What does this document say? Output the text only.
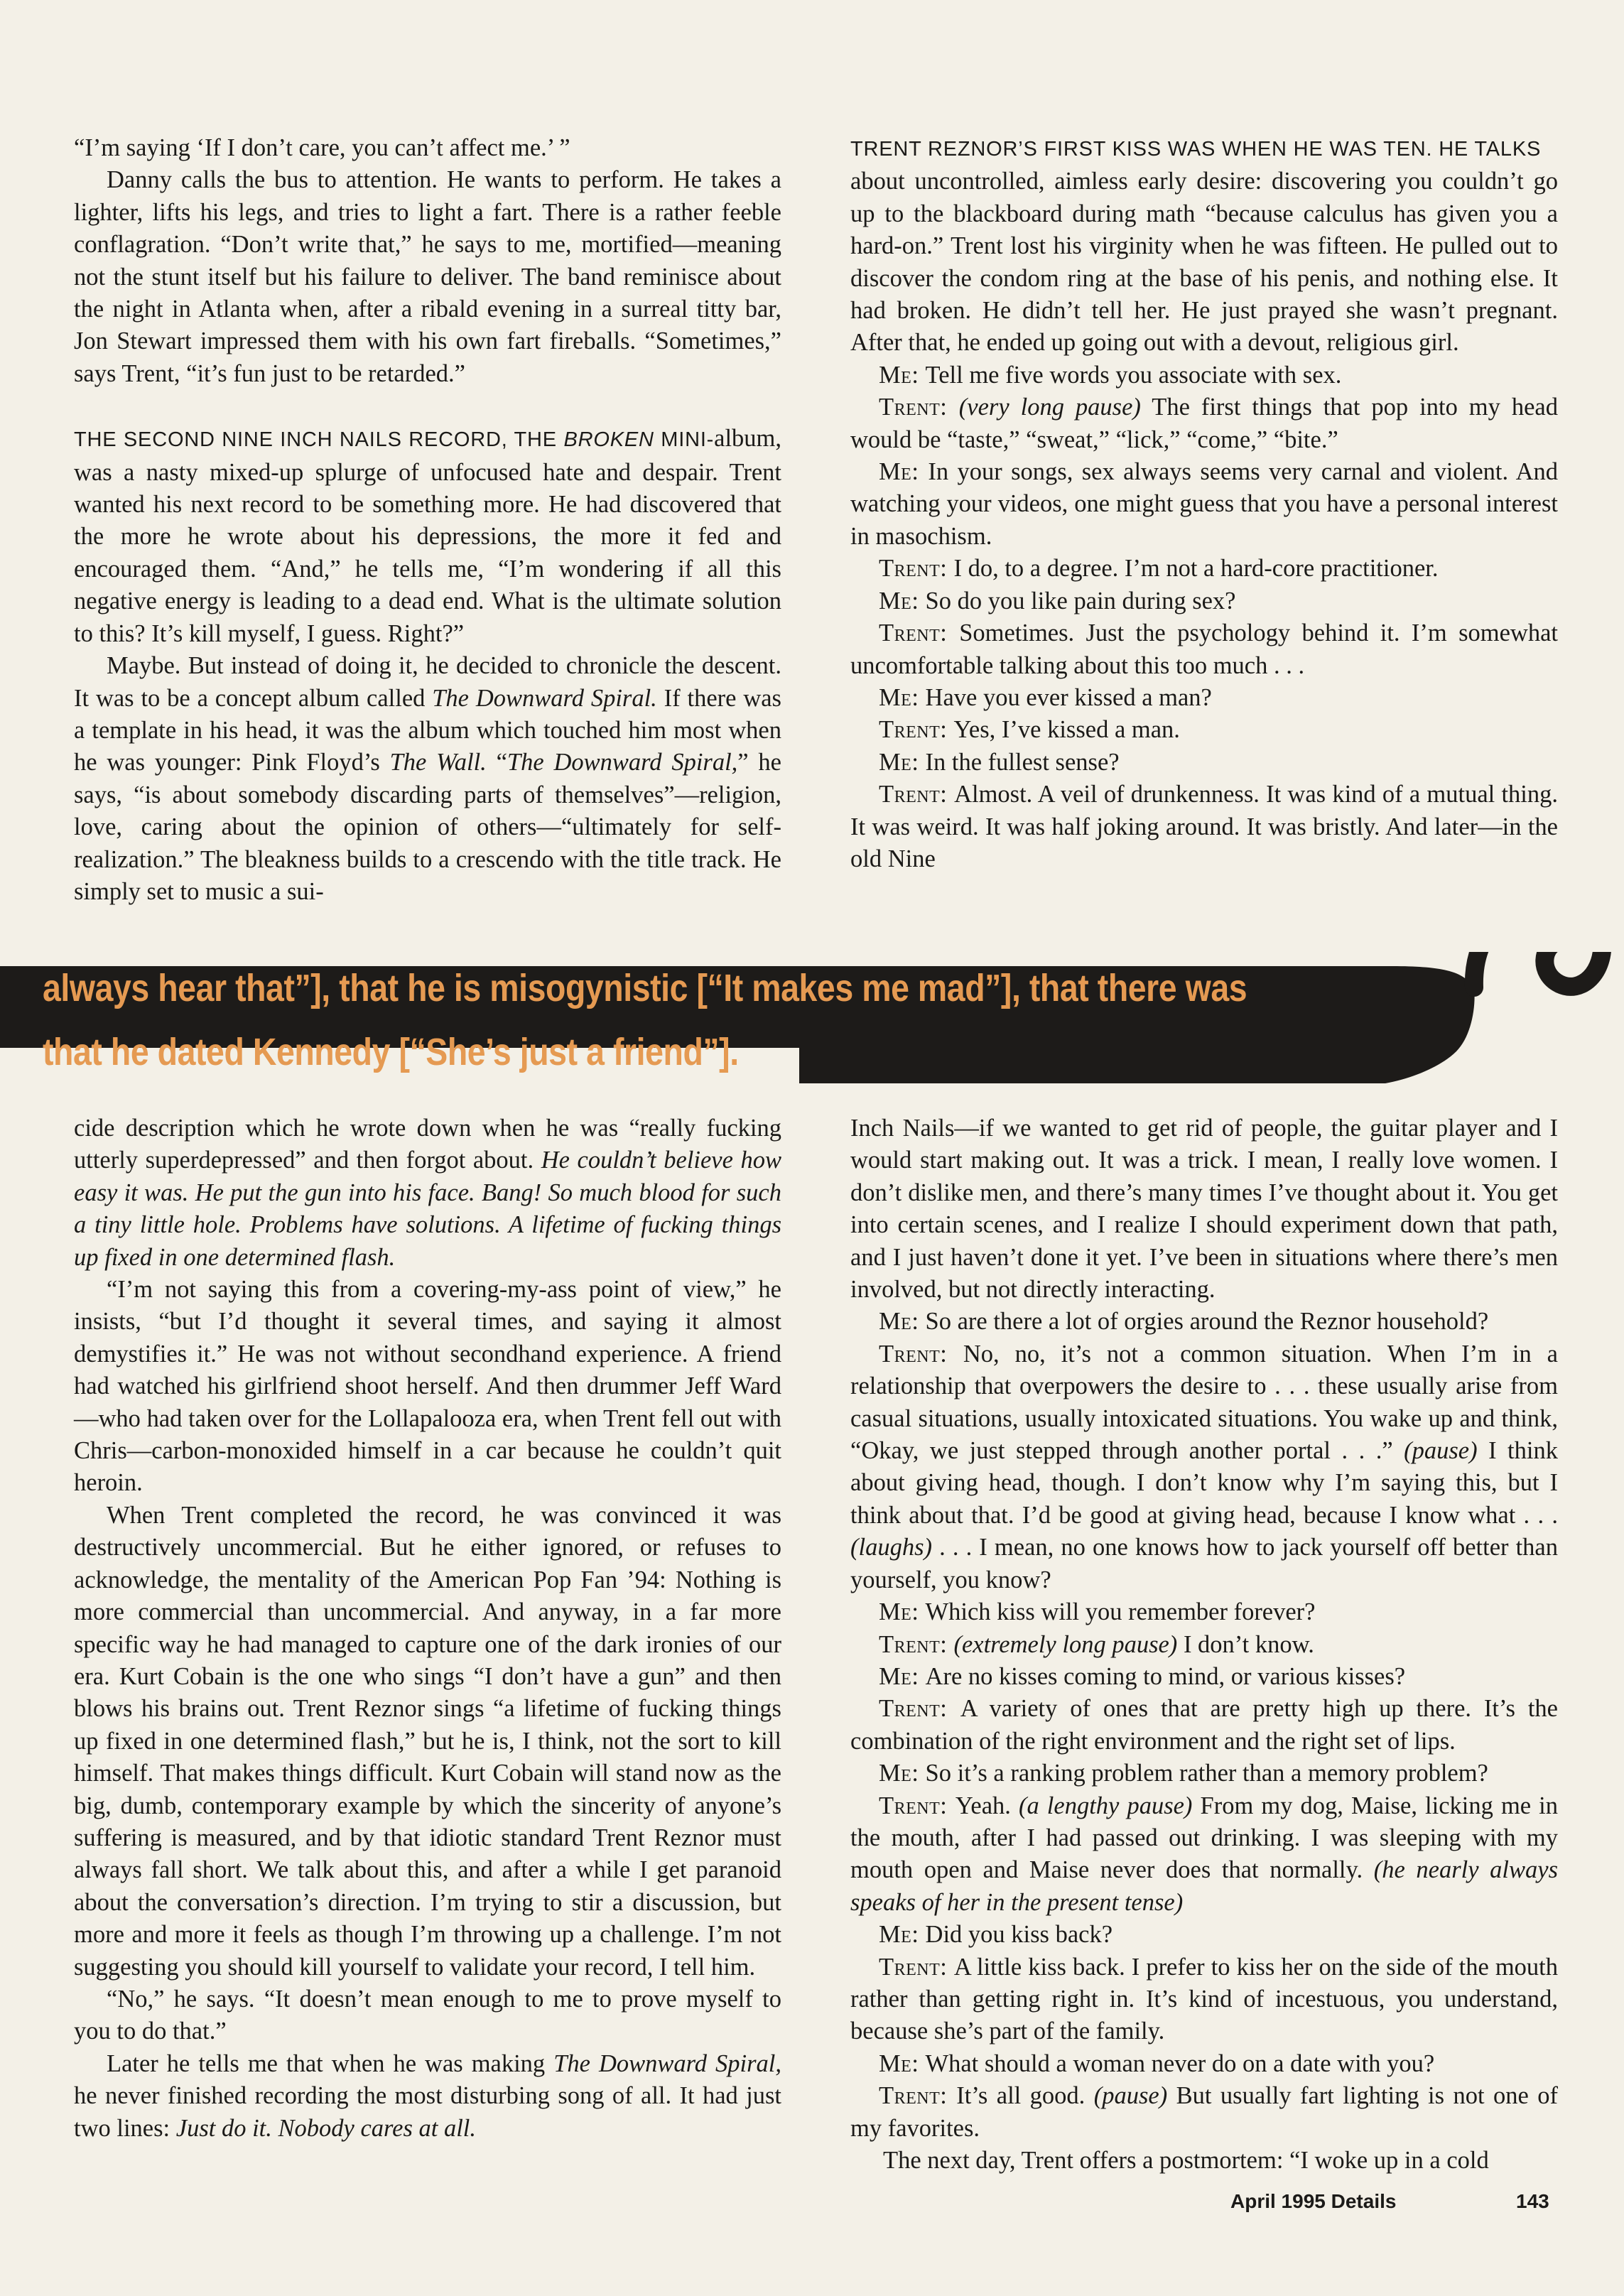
“I’m saying ‘If I don’t care, you can’t affect me.’ ”

Danny calls the bus to attention. He wants to perform. He takes a lighter, lifts his legs, and tries to light a fart. There is a rather feeble conflagration. “Don’t write that,” he says to me, mortified—meaning not the stunt itself but his failure to deliver. The band reminisce about the night in Atlanta when, after a ribald evening in a surreal titty bar, Jon Stewart impressed them with his own fart fireballs. “Sometimes,” says Trent, “it’s fun just to be retarded.”

THE SECOND NINE INCH NAILS RECORD, THE BROKEN MINI-album, was a nasty mixed-up splurge of unfocused hate and despair. Trent wanted his next record to be something more. He had discovered that the more he wrote about his depressions, the more it fed and encouraged them. “And,” he tells me, “I’m wondering if all this negative energy is leading to a dead end. What is the ultimate solution to this? It’s kill myself, I guess. Right?”

Maybe. But instead of doing it, he decided to chronicle the descent. It was to be a concept album called The Downward Spiral. If there was a template in his head, it was the album which touched him most when he was younger: Pink Floyd’s The Wall. “The Downward Spiral,” he says, “is about somebody discarding parts of themselves”—religion, love, caring about the opinion of others—“ultimately for self-realization.” The bleakness builds to a crescendo with the title track. He simply set to music a sui-

TRENT REZNOR’S FIRST KISS WAS WHEN HE WAS TEN. HE TALKS
about uncontrolled, aimless early desire: discovering you couldn’t go up to the blackboard during math “because calculus has given you a hard-on.” Trent lost his virginity when he was fifteen. He pulled out to discover the condom ring at the base of his penis, and nothing else. It had broken. He didn’t tell her. He just prayed she wasn’t pregnant. After that, he ended up going out with a devout, religious girl.

Me: Tell me five words you associate with sex.

Trent: (very long pause) The first things that pop into my head would be “taste,” “sweat,” “lick,” “come,” “bite.”

Me: In your songs, sex always seems very carnal and violent. And watching your videos, one might guess that you have a personal interest in masochism.

Trent: I do, to a degree. I’m not a hard-core practitioner.

Me: So do you like pain during sex?

Trent: Sometimes. Just the psychology behind it. I’m somewhat uncomfortable talking about this too much . . .

Me: Have you ever kissed a man?

Trent: Yes, I’ve kissed a man.

Me: In the fullest sense?

Trent: Almost. A veil of drunkenness. It was kind of a mutual thing. It was weird. It was half joking around. It was bristly. And later—in the old Nine

always hear that”], that he is misogynistic [“It makes me mad”], that there was
that he dated Kennedy [“She’s just a friend”].

cide description which he wrote down when he was “really fucking utterly superdepressed” and then forgot about. He couldn’t believe how easy it was. He put the gun into his face. Bang! So much blood for such a tiny little hole. Problems have solutions. A lifetime of fucking things up fixed in one determined flash.

“I’m not saying this from a covering-my-ass point of view,” he insists, “but I’d thought it several times, and saying it almost demystifies it.” He was not without secondhand experience. A friend had watched his girlfriend shoot herself. And then drummer Jeff Ward—who had taken over for the Lollapalooza era, when Trent fell out with Chris—carbon-monoxided himself in a car because he couldn’t quit heroin.

When Trent completed the record, he was convinced it was destructively uncommercial. But he either ignored, or refuses to acknowledge, the mentality of the American Pop Fan ’94: Nothing is more commercial than uncommercial. And anyway, in a far more specific way he had managed to capture one of the dark ironies of our era. Kurt Cobain is the one who sings “I don’t have a gun” and then blows his brains out. Trent Reznor sings “a lifetime of fucking things up fixed in one determined flash,” but he is, I think, not the sort to kill himself. That makes things difficult. Kurt Cobain will stand now as the big, dumb, contemporary example by which the sincerity of anyone’s suffering is measured, and by that idiotic standard Trent Reznor must always fall short. We talk about this, and after a while I get paranoid about the conversation’s direction. I’m trying to stir a discussion, but more and more it feels as though I’m throwing up a challenge. I’m not suggesting you should kill yourself to validate your record, I tell him.

“No,” he says. “It doesn’t mean enough to me to prove myself to you to do that.”

Later he tells me that when he was making The Downward Spiral, he never finished recording the most disturbing song of all. It had just two lines: Just do it. Nobody cares at all.

Inch Nails—if we wanted to get rid of people, the guitar player and I would start making out. It was a trick. I mean, I really love women. I don’t dislike men, and there’s many times I’ve thought about it. You get into certain scenes, and I realize I should experiment down that path, and I just haven’t done it yet. I’ve been in situations where there’s men involved, but not directly interacting.

Me: So are there a lot of orgies around the Reznor household?

Trent: No, no, it’s not a common situation. When I’m in a relationship that overpowers the desire to . . . these usually arise from casual situations, usually intoxicated situations. You wake up and think, “Okay, we just stepped through another portal . . .” (pause) I think about giving head, though. I don’t know why I’m saying this, but I think about that. I’d be good at giving head, because I know what . . . (laughs) . . . I mean, no one knows how to jack yourself off better than yourself, you know?

Me: Which kiss will you remember forever?

Trent: (extremely long pause) I don’t know.

Me: Are no kisses coming to mind, or various kisses?

Trent: A variety of ones that are pretty high up there. It’s the combination of the right environment and the right set of lips.

Me: So it’s a ranking problem rather than a memory problem?

Trent: Yeah. (a lengthy pause) From my dog, Maise, licking me in the mouth, after I had passed out drinking. I was sleeping with my mouth open and Maise never does that normally. (he nearly always speaks of her in the present tense)

Me: Did you kiss back?

Trent: A little kiss back. I prefer to kiss her on the side of the mouth rather than getting right in. It’s kind of incestuous, you understand, because she’s part of the family.

Me: What should a woman never do on a date with you?

Trent: It’s all good. (pause) But usually fart lighting is not one of my favorites.

The next day, Trent offers a postmortem: “I woke up in a cold

April 1995 Details	143
